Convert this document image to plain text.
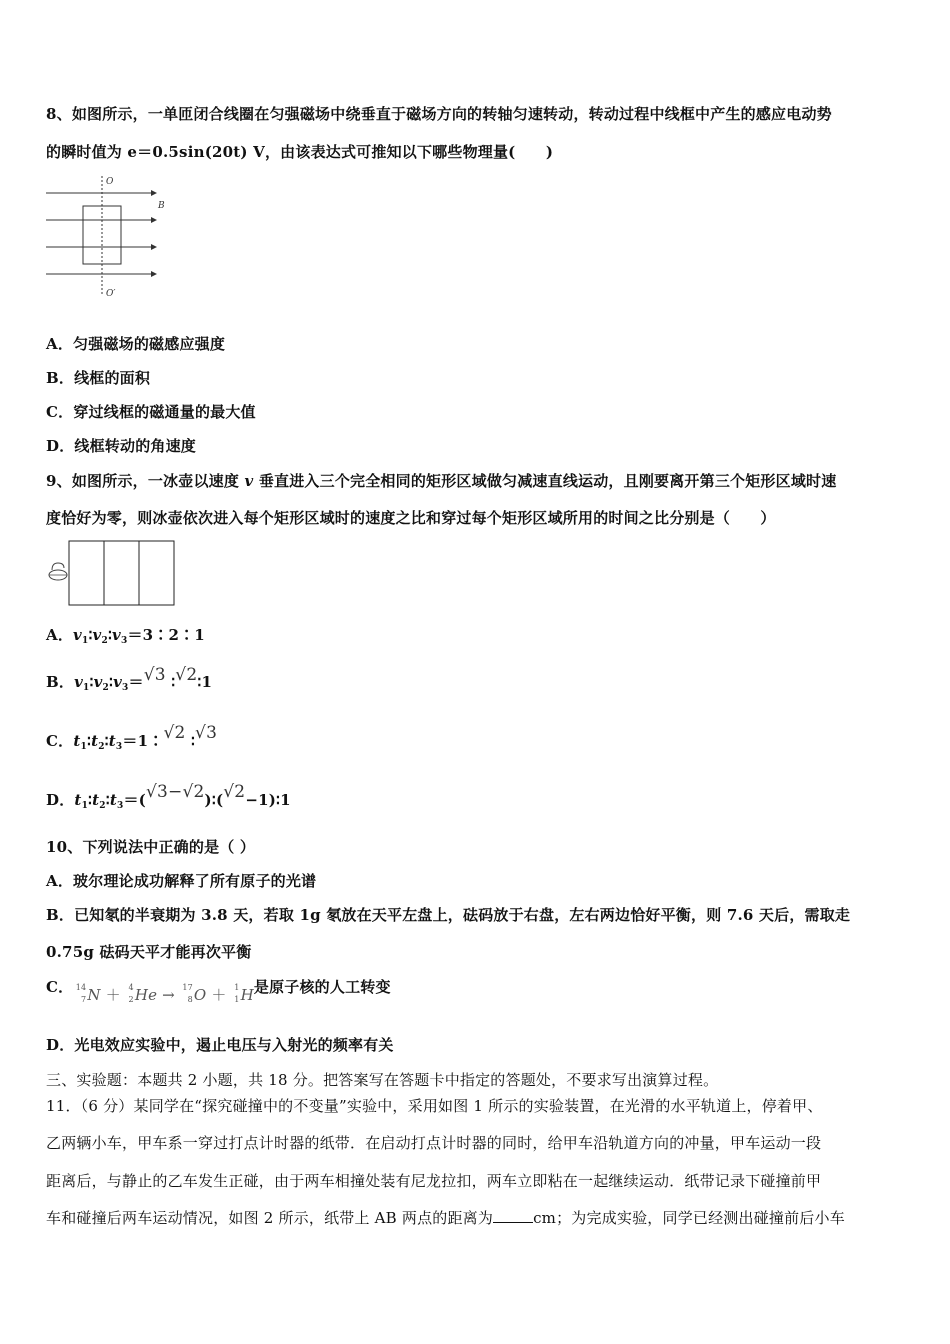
8、如图所示，一单匝闭合线圈在匀强磁场中绕垂直于磁场方向的转轴匀速转动，转动过程中线框中产生的感应电动势
的瞬时值为 e＝0.5sin(20t) V，由该表达式可推知以下哪些物理量(　　)
O
B
O′
A．匀强磁场的磁感应强度
B．线框的面积
C．穿过线框的磁通量的最大值
D．线框转动的角速度
9、如图所示，一冰壶以速度 v 垂直进入三个完全相同的矩形区域做匀减速直线运动，且刚要离开第三个矩形区域时速
度恰好为零，则冰壶依次进入每个矩形区域时的速度之比和穿过每个矩形区域所用的时间之比分别是（　　）
A．$v_1∶v_2∶v_3=3∶2∶1$
B．$v_1∶v_2∶v_3=√3$ ∶√2∶1
C．$t_1∶t_2∶t_3=1∶√2$ ∶√3
D．$t_1∶t_2∶t_3=(√3-√2)∶(√2-1)∶1$
10、下列说法中正确的是（ ）
A．玻尔理论成功解释了所有原子的光谱
B．已知氡的半衰期为 3.8 天，若取 1g 氡放在天平左盘上，砝码放于右盘，左右两边恰好平衡，则 7.6 天后，需取走
0.75g 砝码天平才能再次平衡
C． 14
7 N ＋ 4
2 He → 17
8 O ＋ 1
1 H是原子核的人工转变
D．光电效应实验中，遏止电压与入射光的频率有关
三、实验题：本题共 2 小题，共 18 分。把答案写在答题卡中指定的答题处，不要求写出演算过程。
11．（6 分）某同学在“探究碰撞中的不变量”实验中，采用如图 1 所示的实验装置，在光滑的水平轨道上，停着甲、
乙两辆小车，甲车系一穿过打点计时器的纸带．在启动打点计时器的同时，给甲车沿轨道方向的冲量，甲车运动一段
距离后，与静止的乙车发生正碰，由于两车相撞处装有尼龙拉扣，两车立即粘在一起继续运动．纸带记录下碰撞前甲
车和碰撞后两车运动情况，如图 2 所示，纸带上 AB 两点的距离为	cm；为完成实验，同学已经测出碰撞前后小车
